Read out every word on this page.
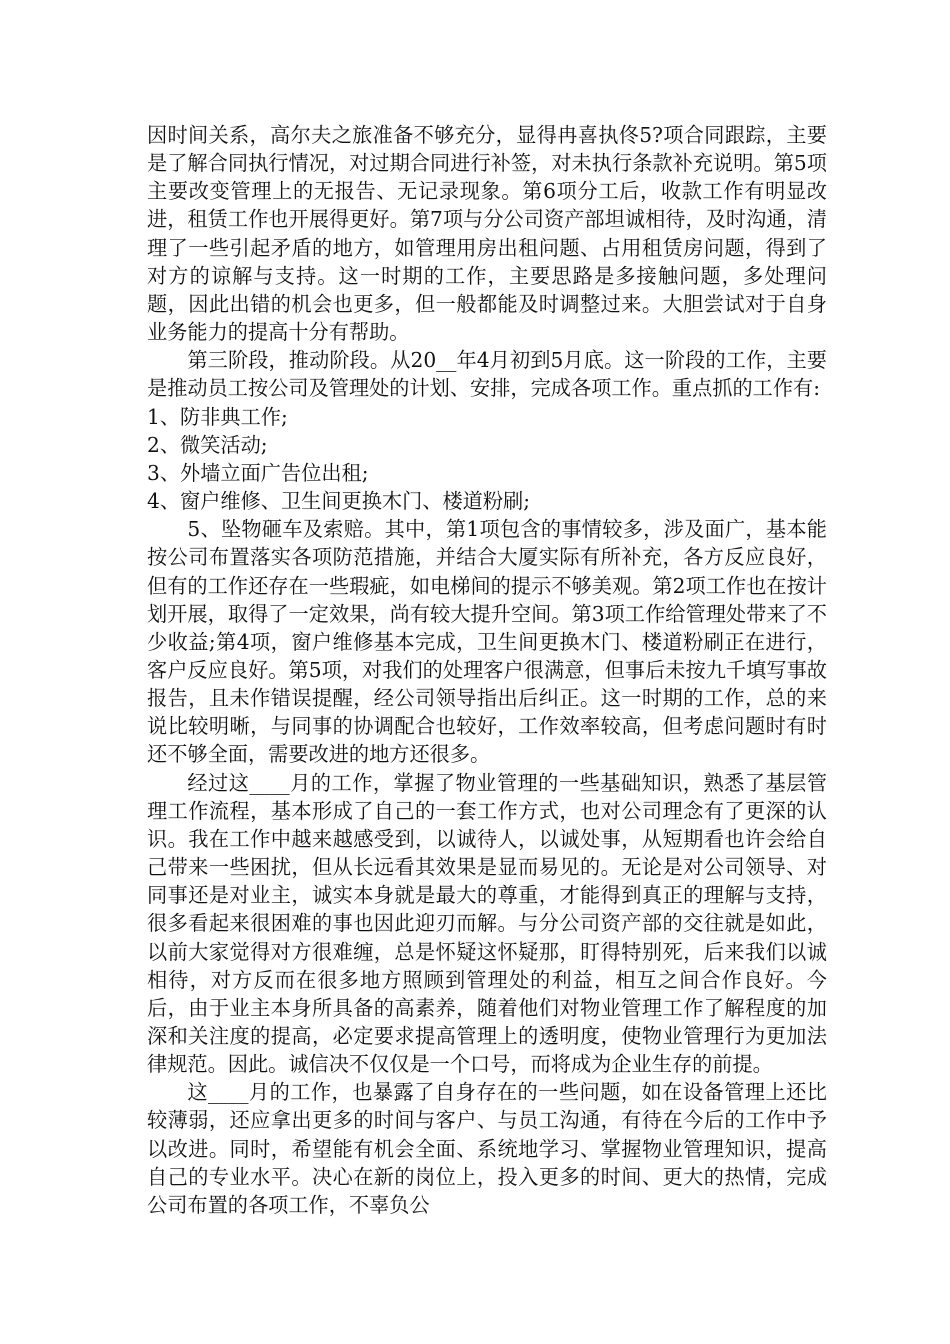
因时间关系，高尔夫之旅准备不够充分，显得冉喜执佟5?项合同跟踪，主要是了解合同执行情况，对过期合同进行补签，对未执行条款补充说明。第5项主要改变管理上的无报告、无记录现象。第6项分工后，收款工作有明显改进，租赁工作也开展得更好。第7项与分公司资产部坦诚相待，及时沟通，清理了一些引起矛盾的地方，如管理用房出租问题、占用租赁房问题，得到了对方的谅解与支持。这一时期的工作，主要思路是多接触问题，多处理问题，因此出错的机会也更多，但一般都能及时调整过来。大胆尝试对于自身业务能力的提高十分有帮助。

第三阶段，推动阶段。从20__年4月初到5月底。这一阶段的工作，主要是推动员工按公司及管理处的计划、安排，完成各项工作。重点抓的工作有:

1、防非典工作;

2、微笑活动;

3、外墙立面广告位出租;

4、窗户维修、卫生间更换木门、楼道粉刷;

5、坠物砸车及索赔。其中，第1项包含的事情较多，涉及面广，基本能按公司布置落实各项防范措施，并结合大厦实际有所补充，各方反应良好，但有的工作还存在一些瑕疵，如电梯间的提示不够美观。第2项工作也在按计划开展，取得了一定效果，尚有较大提升空间。第3项工作给管理处带来了不少收益;第4项，窗户维修基本完成，卫生间更换木门、楼道粉刷正在进行，客户反应良好。第5项，对我们的处理客户很满意，但事后未按九千填写事故报告，且未作错误提醒，经公司领导指出后纠正。这一时期的工作，总的来说比较明晰，与同事的协调配合也较好，工作效率较高，但考虑问题时有时还不够全面，需要改进的地方还很多。

经过这____月的工作，掌握了物业管理的一些基础知识，熟悉了基层管理工作流程，基本形成了自己的一套工作方式，也对公司理念有了更深的认识。我在工作中越来越感受到，以诚待人，以诚处事，从短期看也许会给自己带来一些困扰，但从长远看其效果是显而易见的。无论是对公司领导、对同事还是对业主，诚实本身就是最大的尊重，才能得到真正的理解与支持，很多看起来很困难的事也因此迎刃而解。与分公司资产部的交往就是如此，以前大家觉得对方很难缠，总是怀疑这怀疑那，盯得特别死，后来我们以诚相待，对方反而在很多地方照顾到管理处的利益，相互之间合作良好。今后，由于业主本身所具备的高素养，随着他们对物业管理工作了解程度的加深和关注度的提高，必定要求提高管理上的透明度，使物业管理行为更加法律规范。因此。诚信决不仅仅是一个口号，而将成为企业生存的前提。

这____月的工作，也暴露了自身存在的一些问题，如在设备管理上还比较薄弱，还应拿出更多的时间与客户、与员工沟通，有待在今后的工作中予以改进。同时，希望能有机会全面、系统地学习、掌握物业管理知识，提高自己的专业水平。决心在新的岗位上，投入更多的时间、更大的热情，完成公司布置的各项工作，不辜负公
